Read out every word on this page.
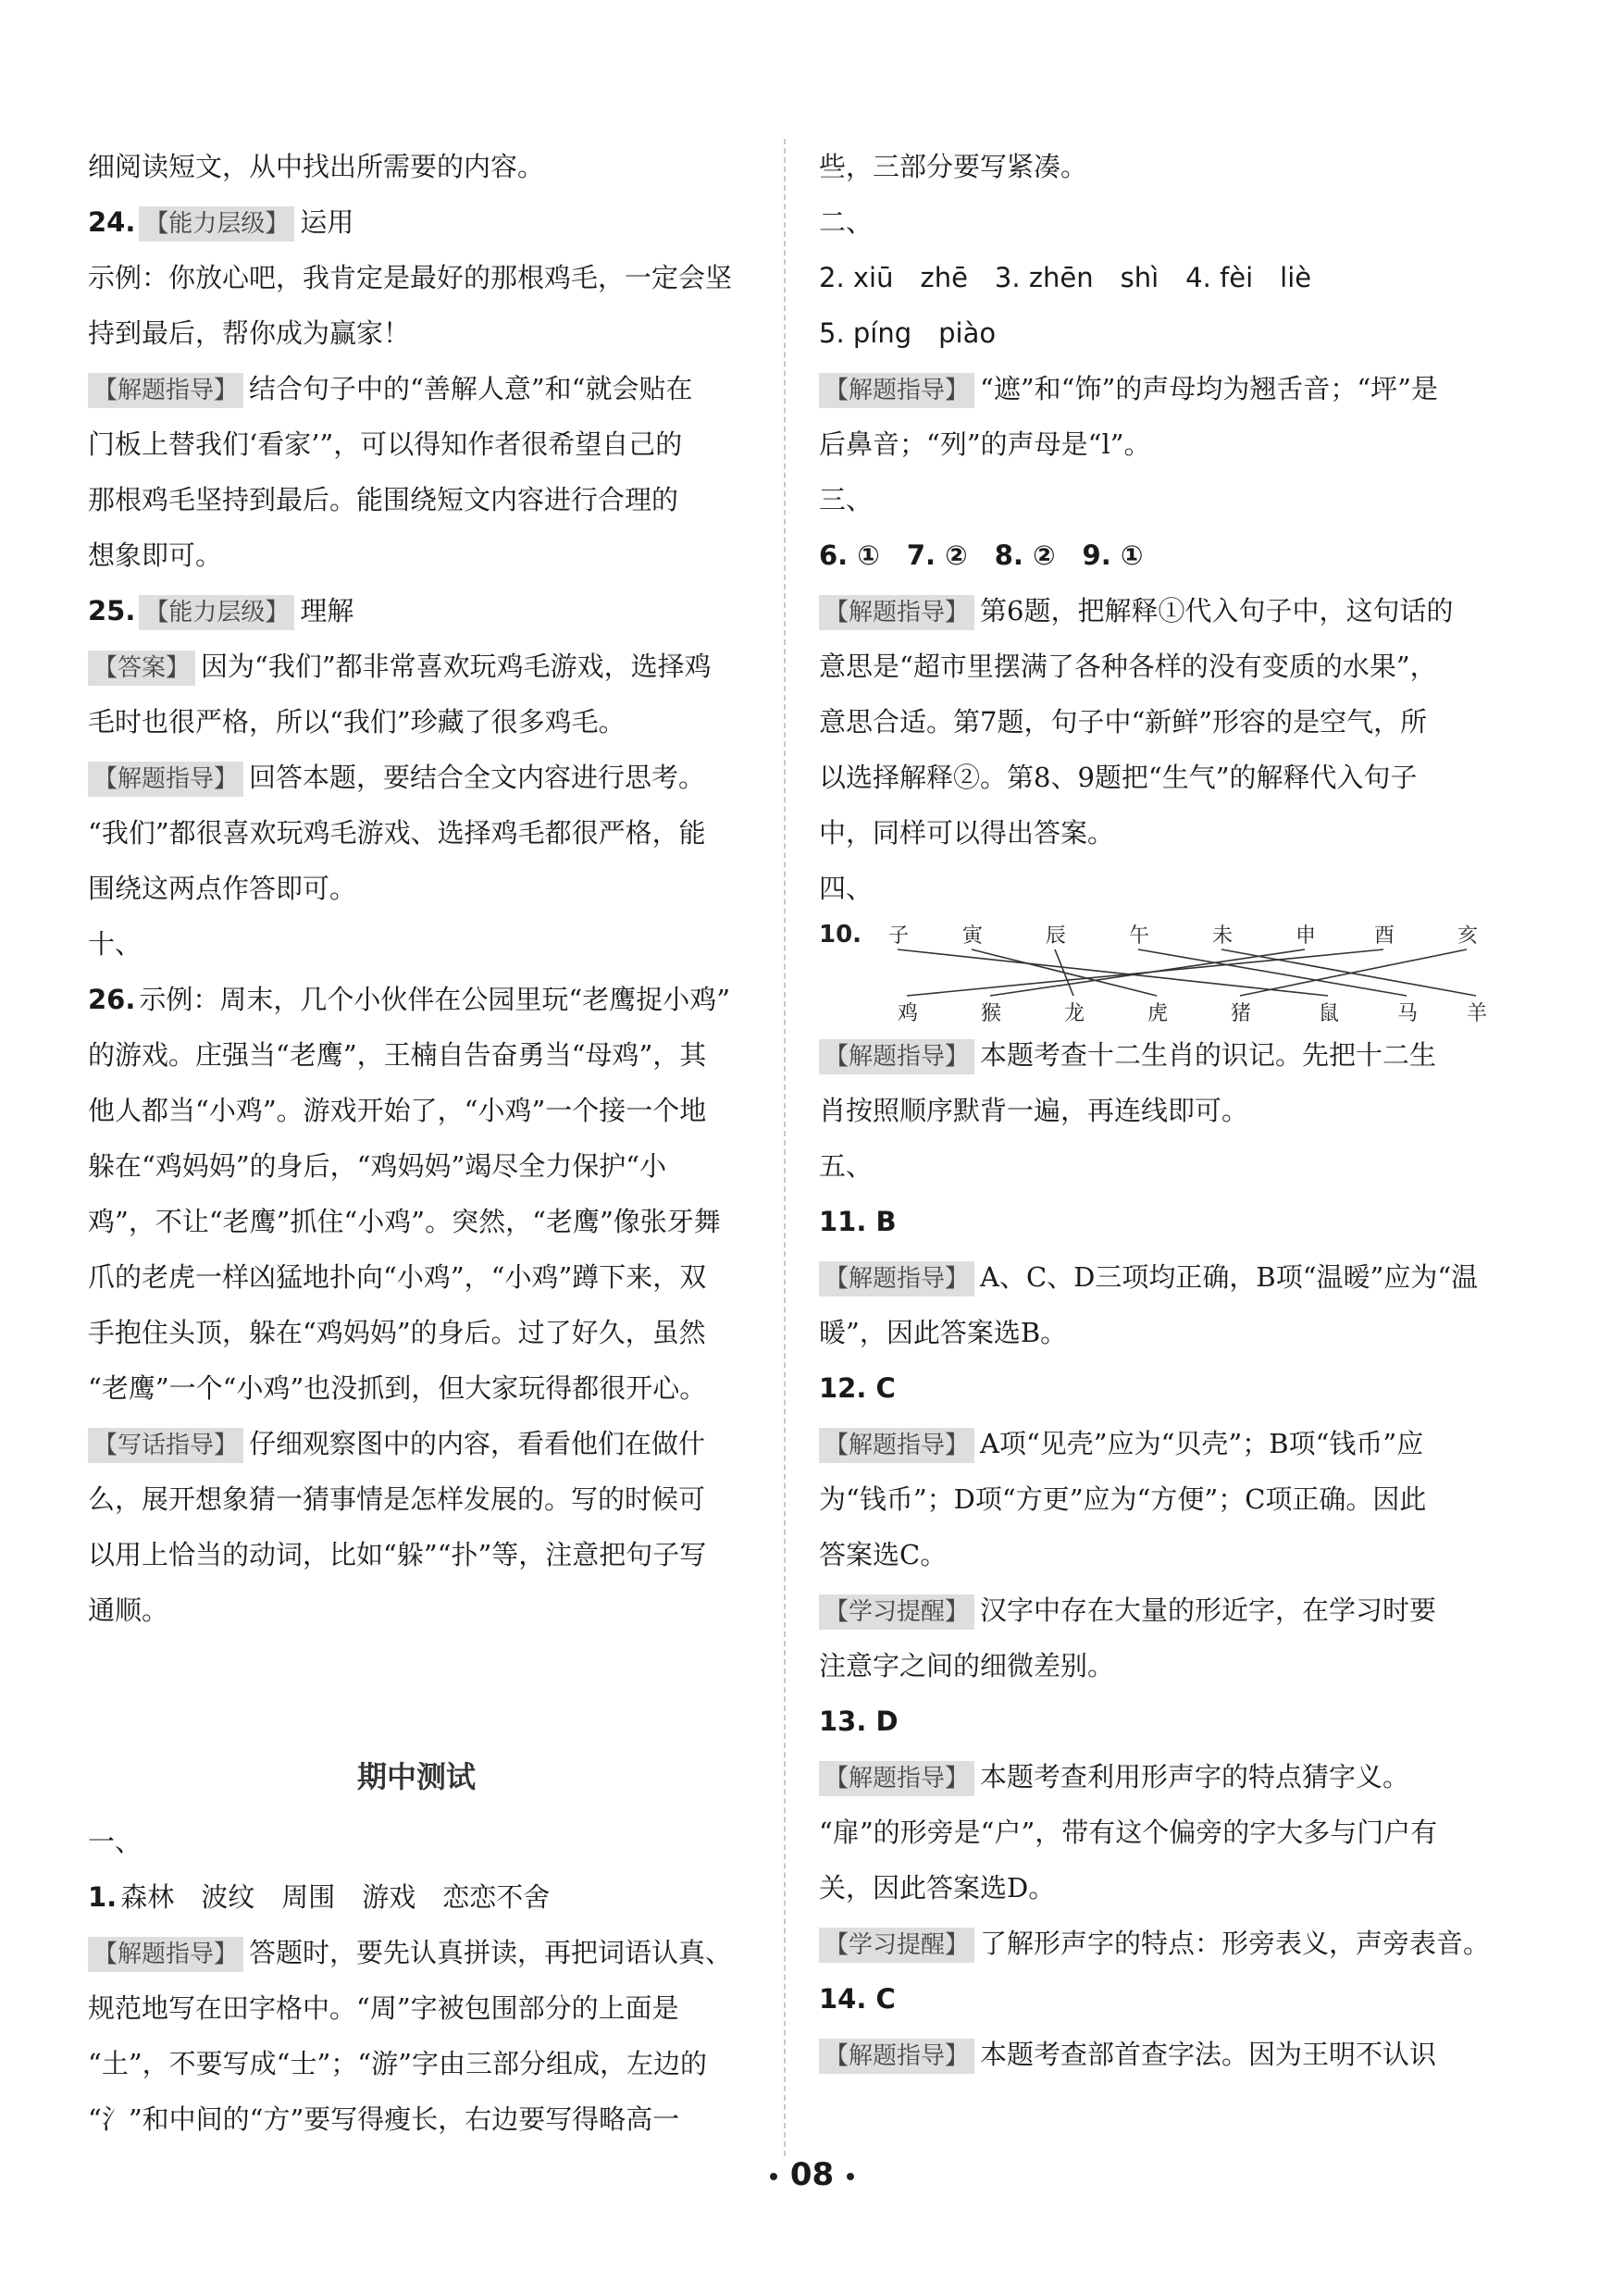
细阅读短文，从中找出所需要的内容。
24. 【能力层级】 运用
示例：你放心吧，我肯定是最好的那根鸡毛，一定会坚
持到最后，帮你成为赢家！
【解题指导】 结合句子中的“善解人意”和“就会贴在
门板上替我们‘看家’”，可以得知作者很希望自己的
那根鸡毛坚持到最后。能围绕短文内容进行合理的
想象即可。
25. 【能力层级】 理解
【答案】 因为“我们”都非常喜欢玩鸡毛游戏，选择鸡
毛时也很严格，所以“我们”珍藏了很多鸡毛。
【解题指导】 回答本题，要结合全文内容进行思考。
“我们”都很喜欢玩鸡毛游戏、选择鸡毛都很严格，能
围绕这两点作答即可。
十、
26. 示例：周末，几个小伙伴在公园里玩“老鹰捉小鸡”
的游戏。庄强当“老鹰”，王楠自告奋勇当“母鸡”，其
他人都当“小鸡”。游戏开始了，“小鸡”一个接一个地
躲在“鸡妈妈”的身后，“鸡妈妈”竭尽全力保护“小
鸡”，不让“老鹰”抓住“小鸡”。突然，“老鹰”像张牙舞
爪的老虎一样凶猛地扑向“小鸡”，“小鸡”蹲下来，双
手抱住头顶，躲在“鸡妈妈”的身后。过了好久，虽然
“老鹰”一个“小鸡”也没抓到，但大家玩得都很开心。
【写话指导】 仔细观察图中的内容，看看他们在做什
么，展开想象猜一猜事情是怎样发展的。写的时候可
以用上恰当的动词，比如“躲”“扑”等，注意把句子写
通顺。
期中测试
一、
1. 森林　波纹　周围　游戏　恋恋不舍
【解题指导】 答题时，要先认真拼读，再把词语认真、
规范地写在田字格中。“周”字被包围部分的上面是
“土”，不要写成“士”；“游”字由三部分组成，左边的
“氵”和中间的“方”要写得瘦长，右边要写得略高一
些，三部分要写紧凑。
二、
2. xiū　zhē　3. zhēn　shì　4. fèi　liè
5. píng　piào
【解题指导】 “遮”和“饰”的声母均为翘舌音；“坪”是
后鼻音；“列”的声母是“l”。
三、
6. ①　7. ②　8. ②　9. ①
【解题指导】 第6题，把解释①代入句子中，这句话的
意思是“超市里摆满了各种各样的没有变质的水果”，
意思合适。第7题，句子中“新鲜”形容的是空气，所
以选择解释②。第8、9题把“生气”的解释代入句子
中，同样可以得出答案。
四、
10. 子	寅	辰	午	未	申	酉	亥
鸡	猴	龙	虎	猪	鼠	马 羊
【解题指导】 本题考查十二生肖的识记。先把十二生
肖按照顺序默背一遍，再连线即可。
五、
11. B
【解题指导】 A、C、D三项均正确，B项“温暧”应为“温
暖”，因此答案选B。
12. C
【解题指导】 A项“见壳”应为“贝壳”；B项“钱币”应
为“钱币”；D项“方更”应为“方便”；C项正确。因此
答案选C。
【学习提醒】 汉字中存在大量的形近字，在学习时要
注意字之间的细微差别。
13. D
【解题指导】 本题考查利用形声字的特点猜字义。
“扉”的形旁是“户”，带有这个偏旁的字大多与门户有
关，因此答案选D。
【学习提醒】 了解形声字的特点：形旁表义，声旁表音。
14. C
【解题指导】 本题考查部首查字法。因为王明不认识
08
